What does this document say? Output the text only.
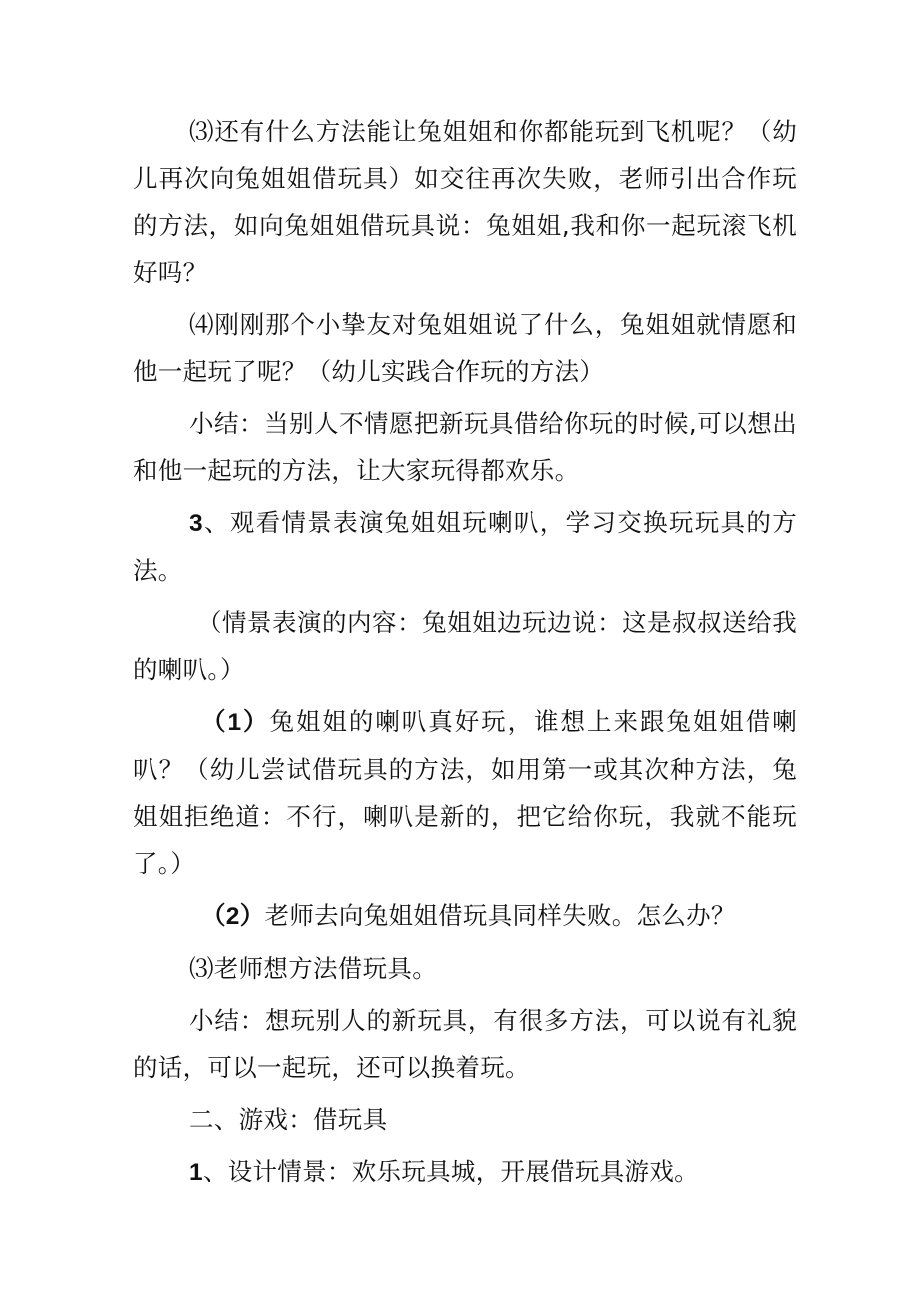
⑶还有什么方法能让兔姐姐和你都能玩到飞机呢？（幼儿再次向兔姐姐借玩具）如交往再次失败，老师引出合作玩的方法，如向兔姐姐借玩具说：兔姐姐,我和你一起玩滚飞机好吗？

⑷刚刚那个小挚友对兔姐姐说了什么，兔姐姐就情愿和他一起玩了呢？（幼儿实践合作玩的方法）

小结：当别人不情愿把新玩具借给你玩的时候,可以想出和他一起玩的方法，让大家玩得都欢乐。

3、观看情景表演兔姐姐玩喇叭，学习交换玩玩具的方法。

（情景表演的内容：兔姐姐边玩边说：这是叔叔送给我的喇叭。）

（1）兔姐姐的喇叭真好玩，谁想上来跟兔姐姐借喇叭？（幼儿尝试借玩具的方法，如用第一或其次种方法，兔姐姐拒绝道：不行，喇叭是新的，把它给你玩，我就不能玩了。）

（2）老师去向兔姐姐借玩具同样失败。怎么办？

⑶老师想方法借玩具。

小结：想玩别人的新玩具，有很多方法，可以说有礼貌的话，可以一起玩，还可以换着玩。

二、游戏：借玩具

1、设计情景：欢乐玩具城，开展借玩具游戏。
